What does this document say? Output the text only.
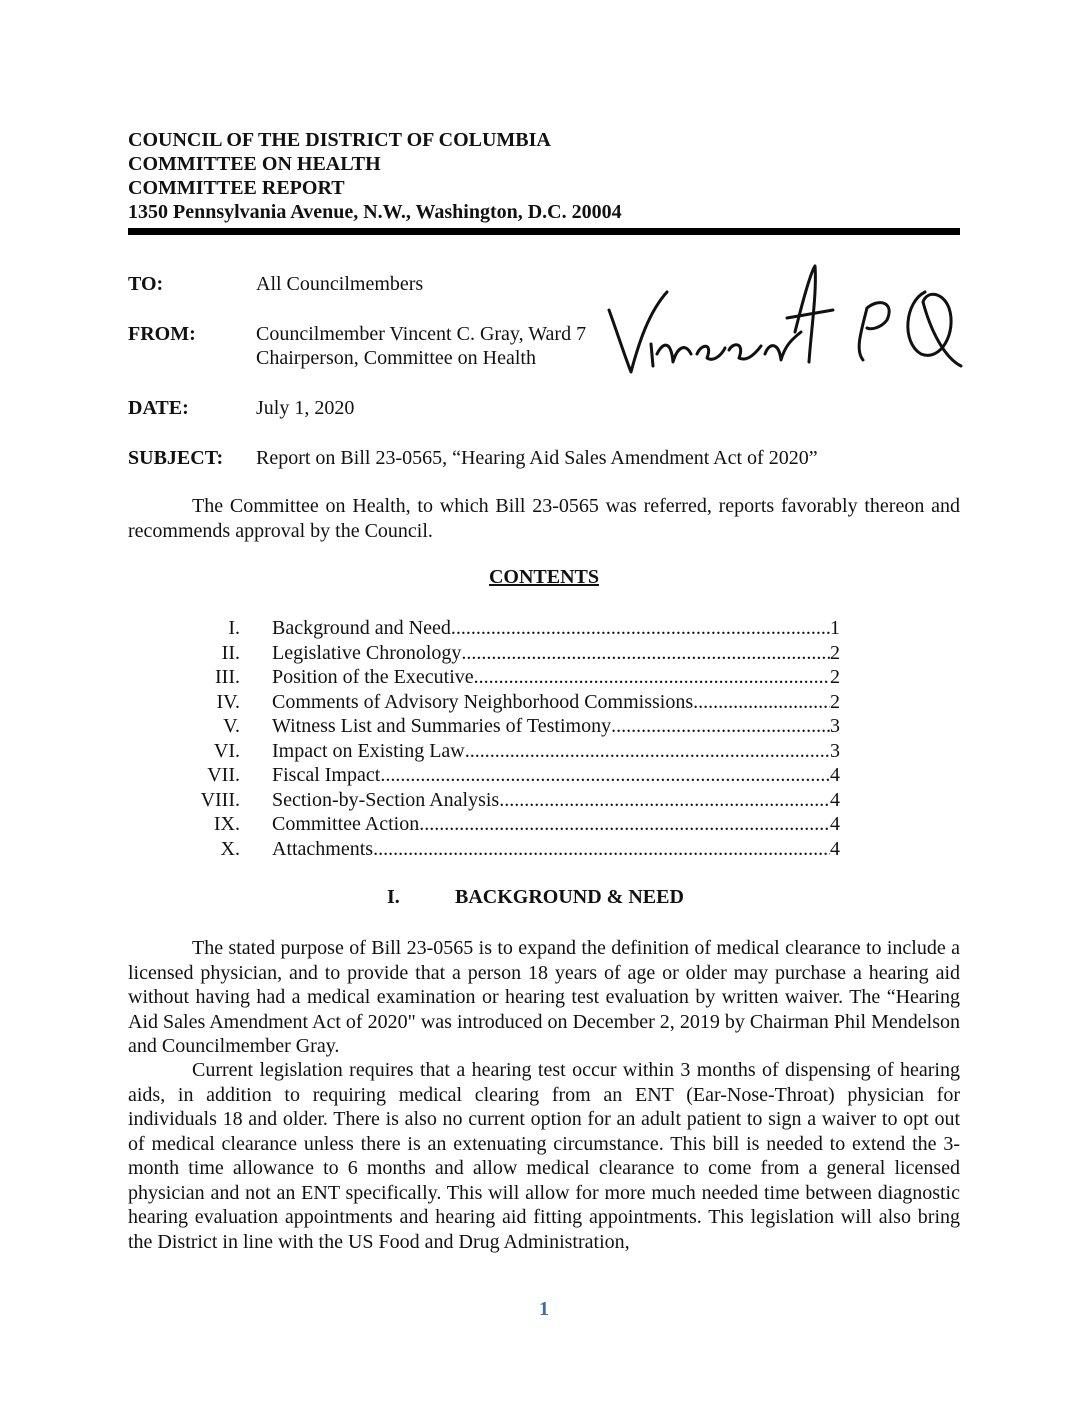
COUNCIL OF THE DISTRICT OF COLUMBIA
COMMITTEE ON HEALTH
COMMITTEE REPORT
1350 Pennsylvania Avenue, N.W., Washington, D.C. 20004
TO:	All Councilmembers
FROM:	Councilmember Vincent C. Gray, Ward 7
Chairperson, Committee on Health
DATE:	July 1, 2020
SUBJECT: Report on Bill 23-0565, “Hearing Aid Sales Amendment Act of 2020”
The Committee on Health, to which Bill 23-0565 was referred, reports favorably thereon and recommends approval by the Council.
CONTENTS
I. Background and Need .....	1
II. Legislative Chronology .....	2
III. Position of the Executive .....	2
IV. Comments of Advisory Neighborhood Commissions .....	2
V. Witness List and Summaries of Testimony .....	3
VI. Impact on Existing Law .....	3
VII. Fiscal Impact .....	4
VIII. Section-by-Section Analysis .....	4
IX. Committee Action .....	4
X. Attachments .....	4
I.	BACKGROUND & NEED
The stated purpose of Bill 23-0565 is to expand the definition of medical clearance to include a licensed physician, and to provide that a person 18 years of age or older may purchase a hearing aid without having had a medical examination or hearing test evaluation by written waiver. The “Hearing Aid Sales Amendment Act of 2020" was introduced on December 2, 2019 by Chairman Phil Mendelson and Councilmember Gray.
Current legislation requires that a hearing test occur within 3 months of dispensing of hearing aids, in addition to requiring medical clearing from an ENT (Ear-Nose-Throat) physician for individuals 18 and older. There is also no current option for an adult patient to sign a waiver to opt out of medical clearance unless there is an extenuating circumstance. This bill is needed to extend the 3-month time allowance to 6 months and allow medical clearance to come from a general licensed physician and not an ENT specifically. This will allow for more much needed time between diagnostic hearing evaluation appointments and hearing aid fitting appointments. This legislation will also bring the District in line with the US Food and Drug Administration,
1
